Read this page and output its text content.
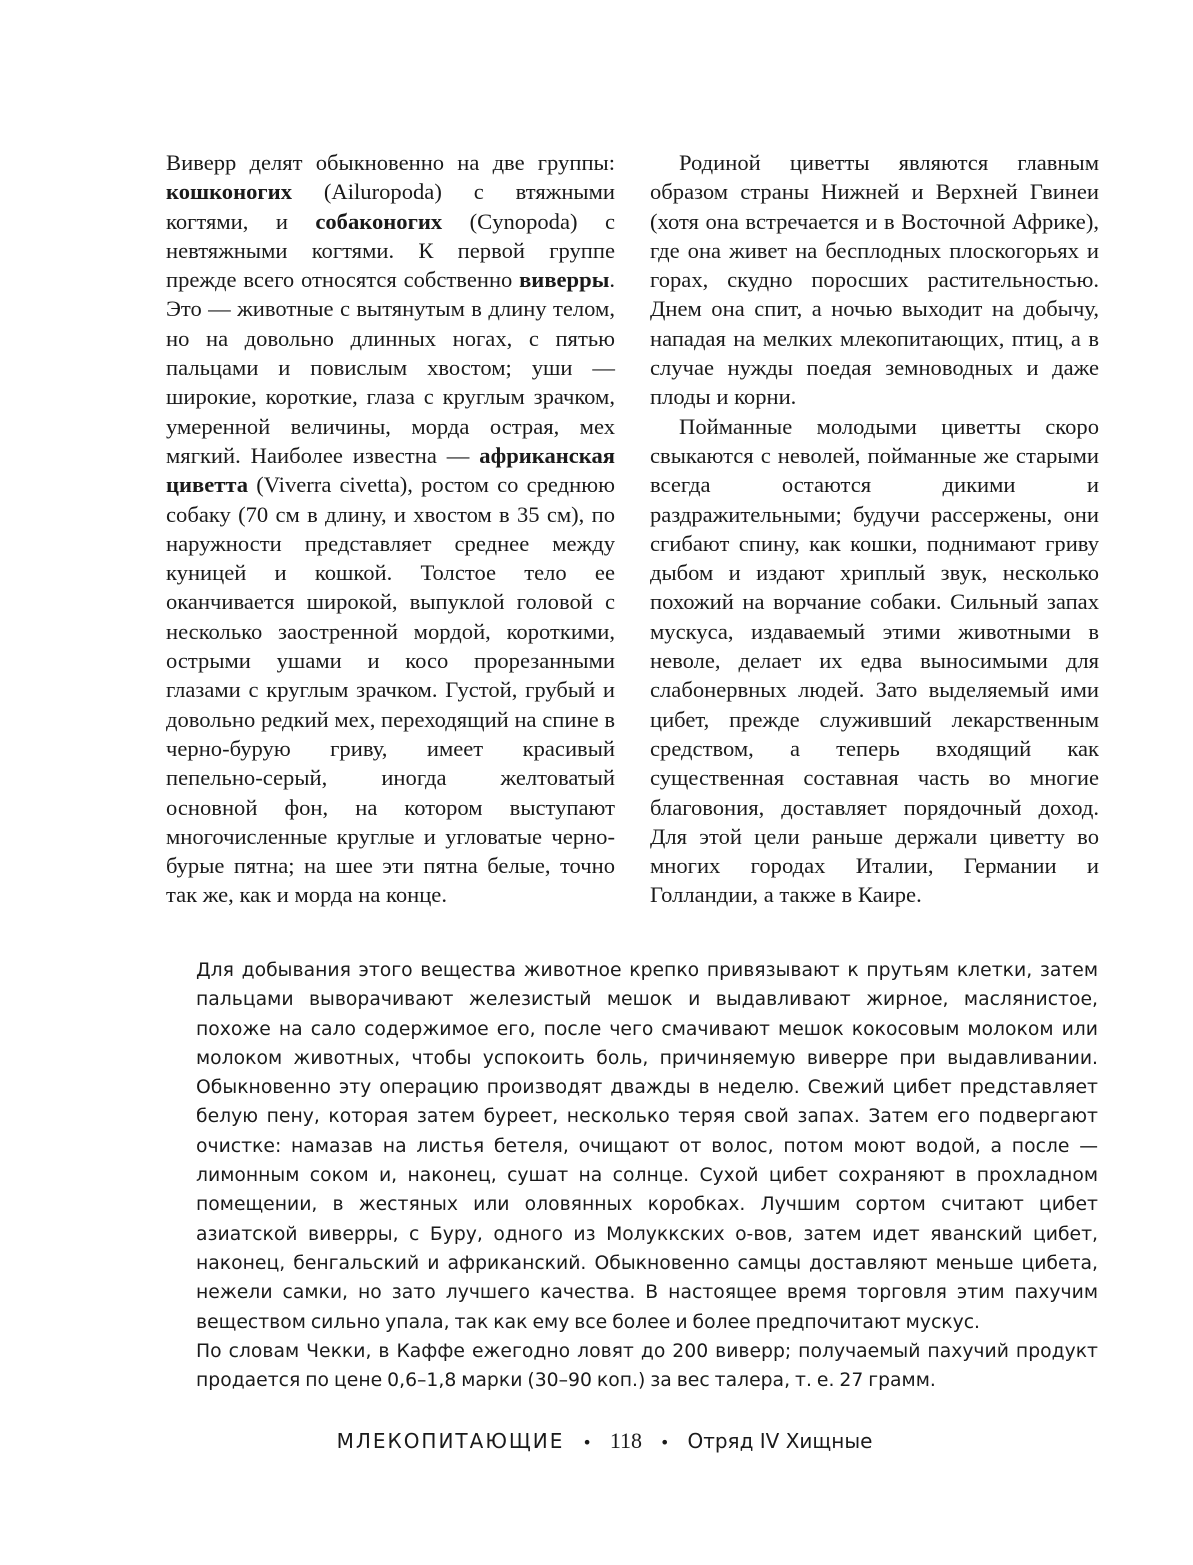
Виверр делят обыкновенно на две группы: кошконогих (Ailuropoda) с втяжными когтями, и собаконогих (Cynopoda) с невтяжными когтями. К первой группе прежде всего относятся собственно виверры. Это — животные с вытянутым в длину телом, но на довольно длинных ногах, с пятью пальцами и повислым хвостом; уши — широкие, короткие, глаза с круглым зрачком, умеренной величины, морда острая, мех мягкий. Наиболее известна — африканская циветта (Viverra civetta), ростом со среднюю собаку (70 см в длину, и хвостом в 35 см), по наружности представляет среднее между куницей и кошкой. Толстое тело ее оканчивается широкой, выпуклой головой с несколько заостренной мордой, короткими, острыми ушами и косо прорезанными глазами с круглым зрачком. Густой, грубый и довольно редкий мех, переходящий на спине в черно-бурую гриву, имеет красивый пепельно-серый, иногда желтоватый основной фон, на котором выступают многочисленные круглые и угловатые черно-бурые пятна; на шее эти пятна белые, точно так же, как и морда на конце.

Родиной циветты являются главным образом страны Нижней и Верхней Гвинеи (хотя она встречается и в Восточной Африке), где она живет на бесплодных плоскогорьях и горах, скудно поросших растительностью. Днем она спит, а ночью выходит на добычу, нападая на мелких млекопитающих, птиц, а в случае нужды поедая земноводных и даже плоды и корни.

Пойманные молодыми циветты скоро свыкаются с неволей, пойманные же старыми всегда остаются дикими и раздражительными; будучи рассержены, они сгибают спину, как кошки, поднимают гриву дыбом и издают хриплый звук, несколько похожий на ворчание собаки. Сильный запах мускуса, издаваемый этими животными в неволе, делает их едва выносимыми для слабонервных людей. Зато выделяемый ими цибет, прежде служивший лекарственным средством, а теперь входящий как существенная составная часть во многие благовония, доставляет порядочный доход. Для этой цели раньше держали циветту во многих городах Италии, Германии и Голландии, а также в Каире.

Для добывания этого вещества животное крепко привязывают к прутьям клетки, затем пальцами выворачивают железистый мешок и выдавливают жирное, маслянистое, похоже на сало содержимое его, после чего смачивают мешок кокосовым молоком или молоком животных, чтобы успокоить боль, причиняемую виверре при выдавливании. Обыкновенно эту операцию производят дважды в неделю. Свежий цибет представляет белую пену, которая затем буреет, несколько теряя свой запах. Затем его подвергают очистке: намазав на листья бетеля, очищают от волос, потом моют водой, а после — лимонным соком и, наконец, сушат на солнце. Сухой цибет сохраняют в прохладном помещении, в жестяных или оловянных коробках. Лучшим сортом считают цибет азиатской виверры, с Буру, одного из Молуккских о-вов, затем идет яванский цибет, наконец, бенгальский и африканский. Обыкновенно самцы доставляют меньше цибета, нежели самки, но зато лучшего качества. В настоящее время торговля этим пахучим веществом сильно упала, так как ему все более и более предпочитают мускус.

По словам Чекки, в Каффе ежегодно ловят до 200 виверр; получаемый пахучий продукт продается по цене 0,6–1,8 марки (30–90 коп.) за вес талера, т. е. 27 грамм.

МЛЕКОПИТАЮЩИЕ • 118 • Отряд IV Хищные
